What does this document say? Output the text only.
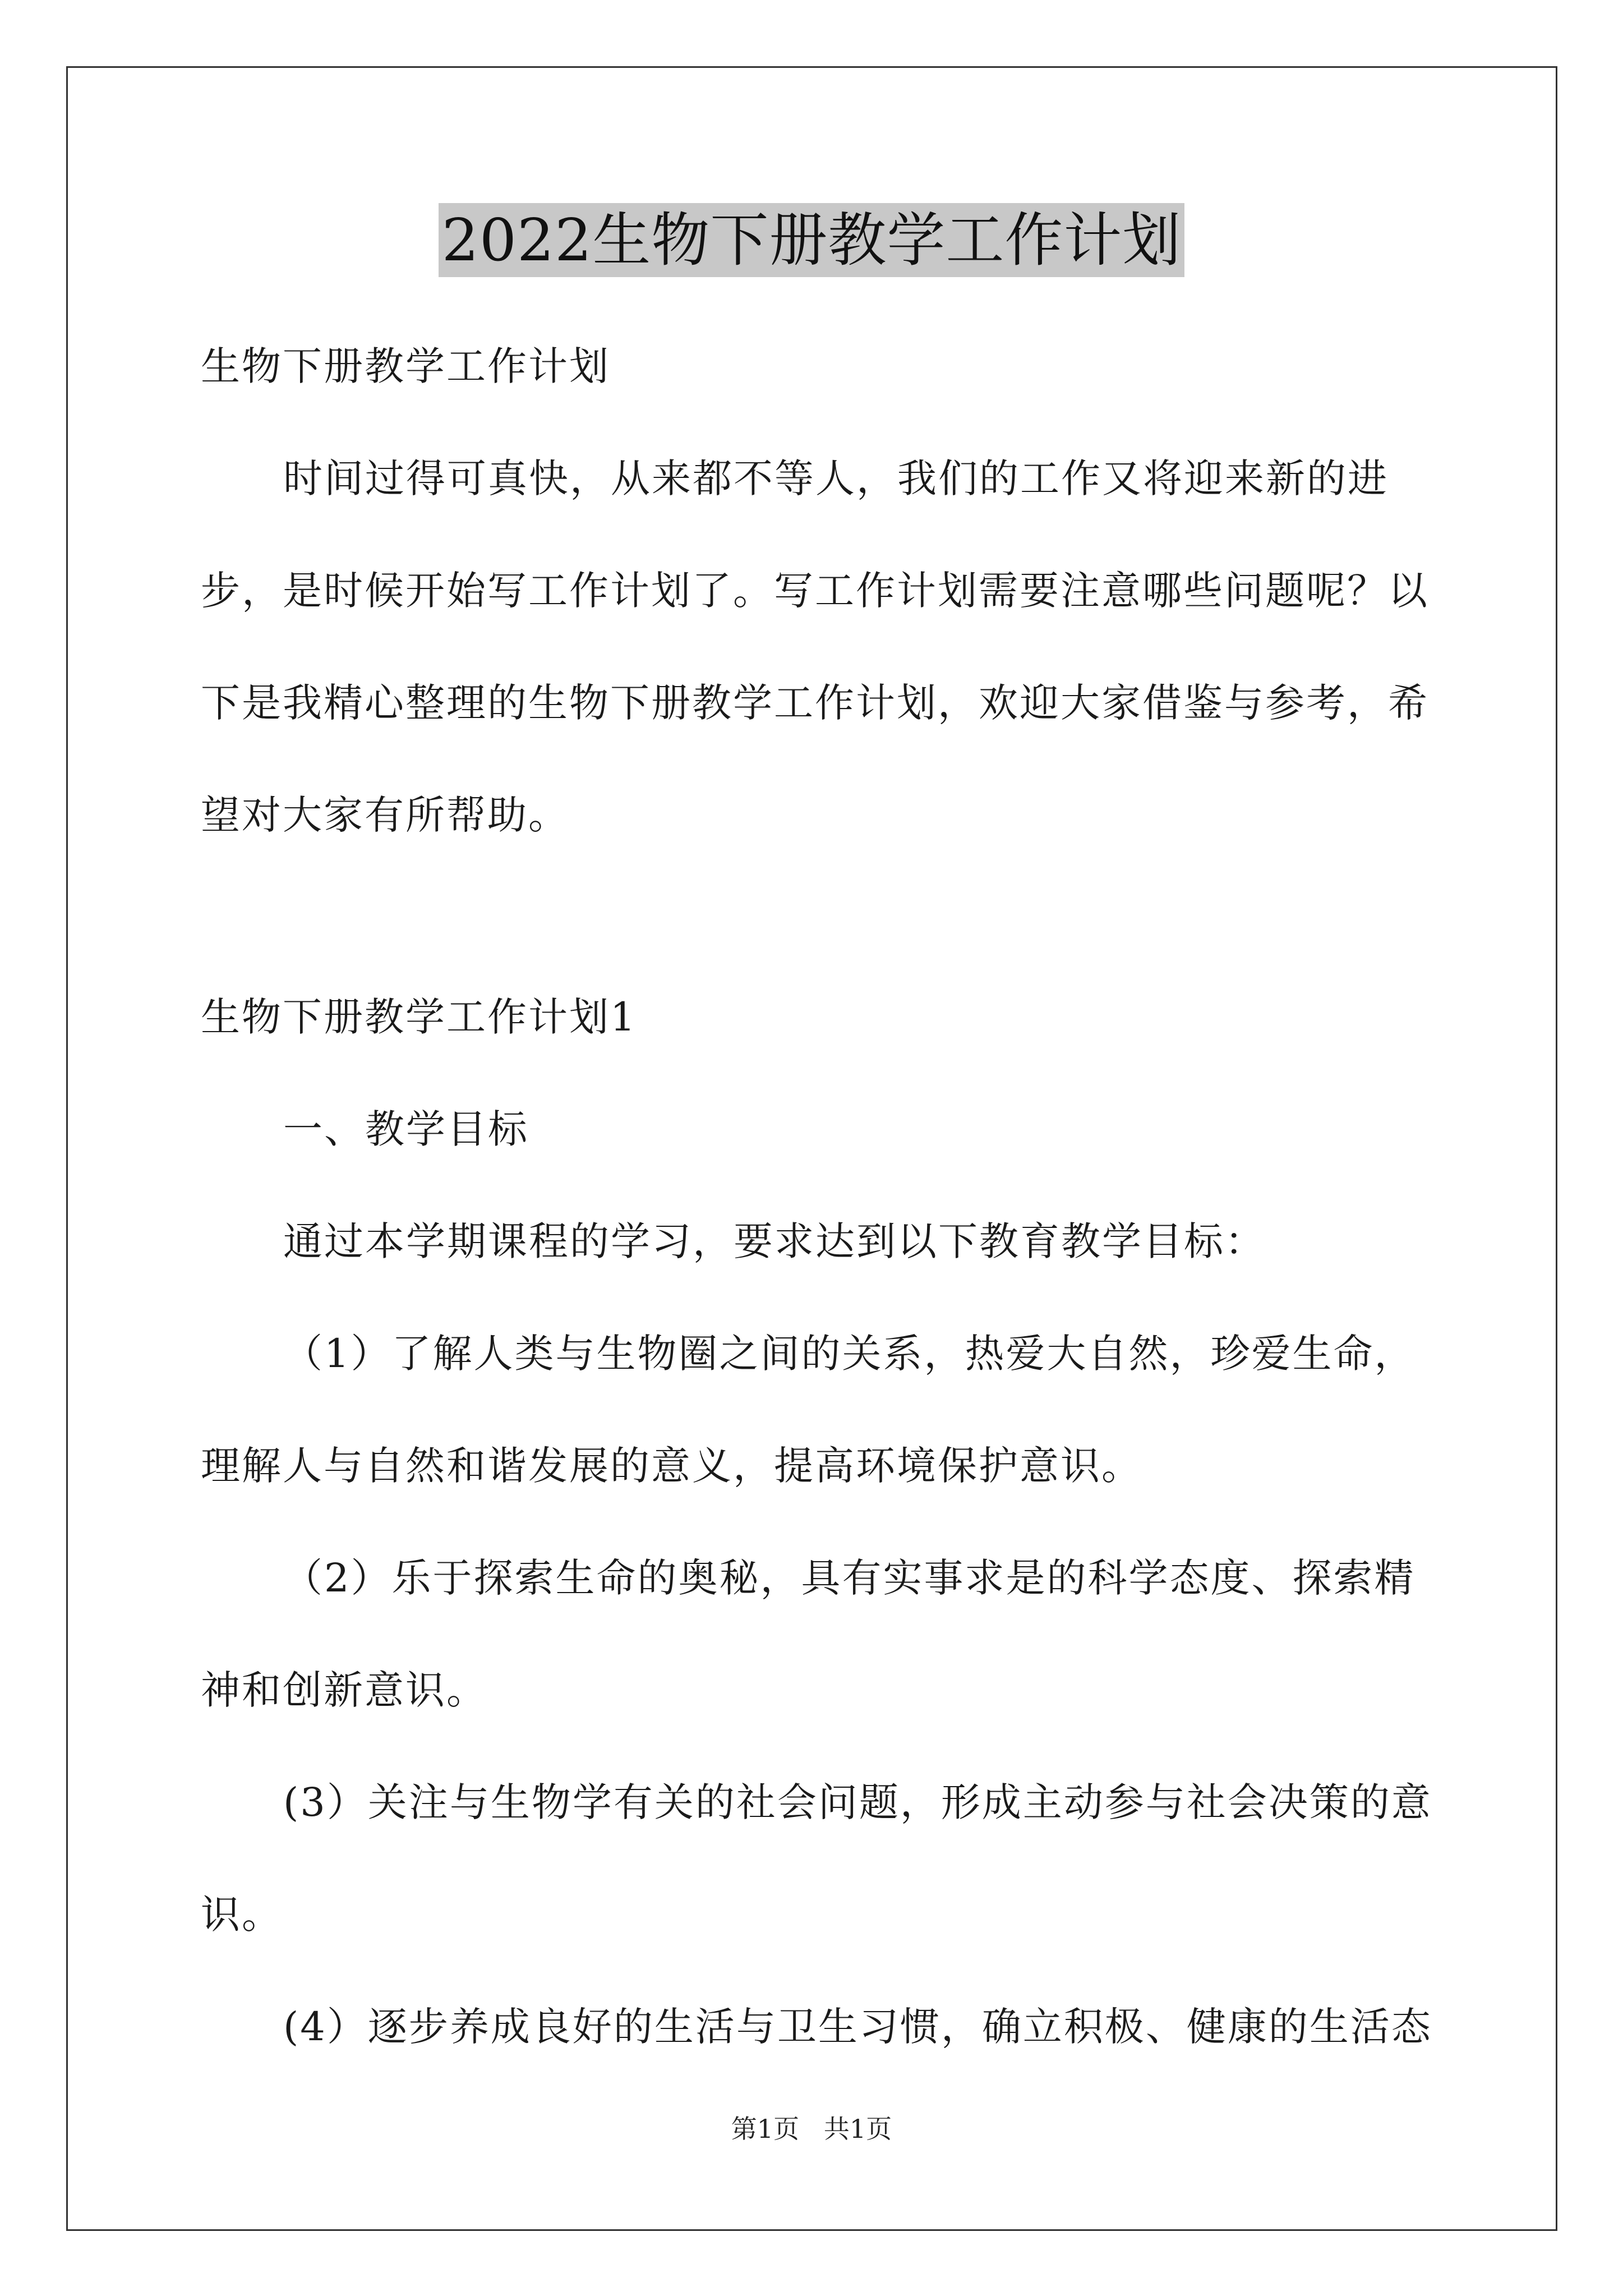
2022生物下册教学工作计划

生物下册教学工作计划

时间过得可真快，从来都不等人，我们的工作又将迎来新的进步，是时候开始写工作计划了。写工作计划需要注意哪些问题呢？以下是我精心整理的生物下册教学工作计划，欢迎大家借鉴与参考，希望对大家有所帮助。

生物下册教学工作计划1

一、教学目标

通过本学期课程的学习，要求达到以下教育教学目标：

（1）了解人类与生物圈之间的关系，热爱大自然，珍爱生命，理解人与自然和谐发展的意义，提高环境保护意识。

（2）乐于探索生命的奥秘，具有实事求是的科学态度、探索精神和创新意识。

(3）关注与生物学有关的社会问题，形成主动参与社会决策的意识。

(4）逐步养成良好的生活与卫生习惯，确立积极、健康的生活态

第1页   共1页
